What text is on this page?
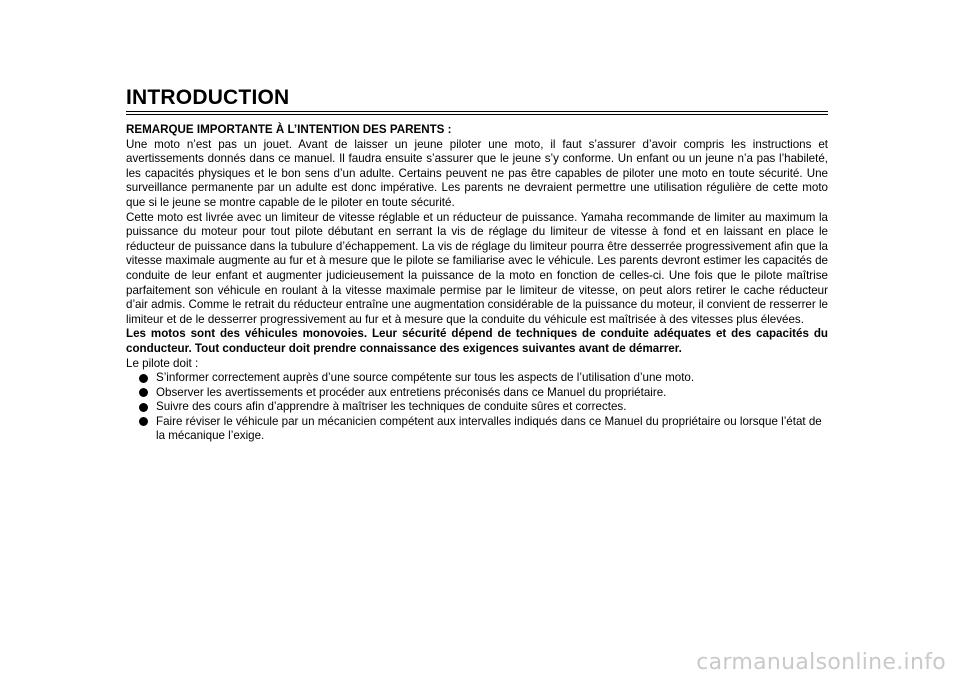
INTRODUCTION

REMARQUE IMPORTANTE À L’INTENTION DES PARENTS :

Une moto n’est pas un jouet. Avant de laisser un jeune piloter une moto, il faut s’assurer d’avoir compris les instructions et avertissements donnés dans ce manuel. Il faudra ensuite s’assurer que le jeune s’y conforme. Un enfant ou un jeune n’a pas l’habileté, les capacités physiques et le bon sens d’un adulte. Certains peuvent ne pas être capables de piloter une moto en toute sécurité. Une surveillance permanente par un adulte est donc impérative. Les parents ne devraient permettre une utilisation régulière de cette moto que si le jeune se montre capable de le piloter en toute sécurité.

Cette moto est livrée avec un limiteur de vitesse réglable et un réducteur de puissance. Yamaha recommande de limiter au maximum la puissance du moteur pour tout pilote débutant en serrant la vis de réglage du limiteur de vitesse à fond et en laissant en place le réducteur de puissance dans la tubulure d’échappement. La vis de réglage du limiteur pourra être desserrée progressivement afin que la vitesse maximale augmente au fur et à mesure que le pilote se familiarise avec le véhicule. Les parents devront estimer les capacités de conduite de leur enfant et augmenter judicieusement la puissance de la moto en fonction de celles-ci. Une fois que le pilote maîtrise parfaitement son véhicule en roulant à la vitesse maximale permise par le limiteur de vitesse, on peut alors retirer le cache réducteur d’air admis. Comme le retrait du réducteur entraîne une augmentation considérable de la puissance du moteur, il convient de resserrer le limiteur et de le desserrer progressivement au fur et à mesure que la conduite du véhicule est maîtrisée à des vitesses plus élevées.

Les motos sont des véhicules monovoies. Leur sécurité dépend de techniques de conduite adéquates et des capacités du conducteur. Tout conducteur doit prendre connaissance des exigences suivantes avant de démarrer.

Le pilote doit :

S’informer correctement auprès d’une source compétente sur tous les aspects de l’utilisation d’une moto.
Observer les avertissements et procéder aux entretiens préconisés dans ce Manuel du propriétaire.
Suivre des cours afin d’apprendre à maîtriser les techniques de conduite sûres et correctes.
Faire réviser le véhicule par un mécanicien compétent aux intervalles indiqués dans ce Manuel du propriétaire ou lorsque l’état de la mécanique l’exige.
carmanualsonline.info
